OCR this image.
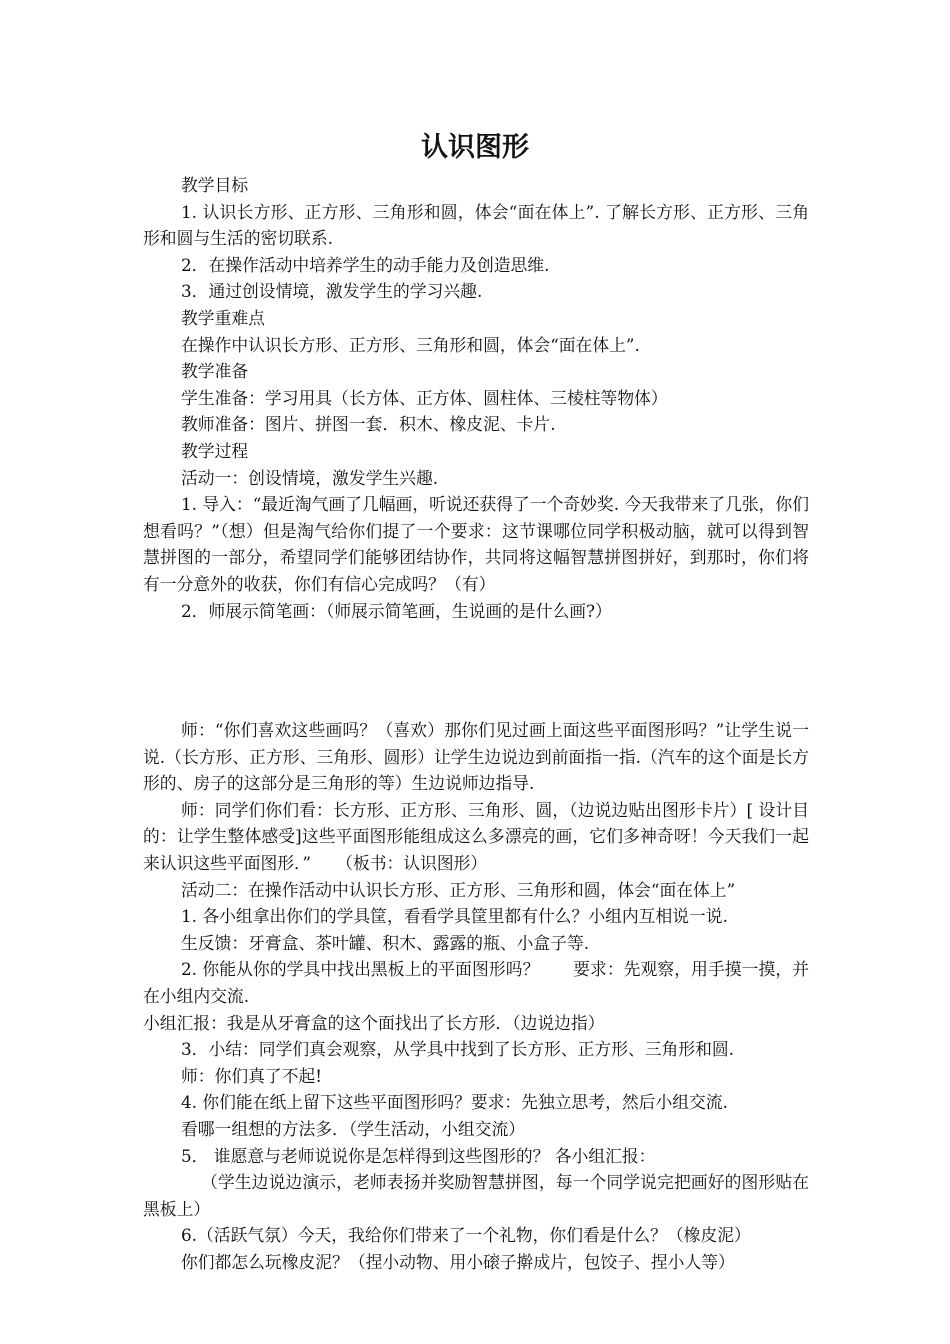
认识图形

教学目标

1. 认识长方形、正方形、三角形和圆，体会“面在体上”. 了解长方形、正方形、三角形和圆与生活的密切联系.

2．在操作活动中培养学生的动手能力及创造思维.

3．通过创设情境，激发学生的学习兴趣.

教学重难点

在操作中认识长方形、正方形、三角形和圆，体会“面在体上”.

教学准备

学生准备：学习用具（长方体、正方体、圆柱体、三棱柱等物体）

教师准备：图片、拼图一套．积木、橡皮泥、卡片.

教学过程

活动一：创设情境，激发学生兴趣.

1. 导入：“最近淘气画了几幅画，听说还获得了一个奇妙奖. 今天我带来了几张，你们想看吗？”（想）但是淘气给你们提了一个要求：这节课哪位同学积极动脑，就可以得到智慧拼图的一部分，希望同学们能够团结协作，共同将这幅智慧拼图拼好，到那时，你们将有一分意外的收获，你们有信心完成吗？（有）

2．师展示简笔画：（师展示简笔画，生说画的是什么画?）

师：“你们喜欢这些画吗？（喜欢）那你们见过画上面这些平面图形吗？”让学生说一说.（长方形、正方形、三角形、圆形）让学生边说边到前面指一指.（汽车的这个面是长方形的、房子的这部分是三角形的等）生边说师边指导.

师：同学们你们看：长方形、正方形、三角形、圆，（边说边贴出图形卡片）[ 设计目的：让学生整体感受]这些平面图形能组成这么多漂亮的画，它们多神奇呀！今天我们一起来认识这些平面图形．”　　（板书：认识图形）

活动二：在操作活动中认识长方形、正方形、三角形和圆，体会“面在体上”

1. 各小组拿出你们的学具筐，看看学具筐里都有什么？小组内互相说一说.

生反馈：牙膏盒、茶叶罐、积木、露露的瓶、小盒子等.

2. 你能从你的学具中找出黑板上的平面图形吗？　　要求：先观察，用手摸一摸，并在小组内交流.

小组汇报：我是从牙膏盒的这个面找出了长方形．（边说边指）

3．小结：同学们真会观察，从学具中找到了长方形、正方形、三角形和圆.

师：你们真了不起!

4. 你们能在纸上留下这些平面图形吗？要求：先独立思考，然后小组交流.

看哪一组想的方法多．（学生活动，小组交流）

5． 谁愿意与老师说说你是怎样得到这些图形的？ 各小组汇报：

（学生边说边演示，老师表扬并奖励智慧拼图，每一个同学说完把画好的图形贴在黑板上）

6.（活跃气氛）今天，我给你们带来了一个礼物，你们看是什么？（橡皮泥）

你们都怎么玩橡皮泥？（捏小动物、用小磙子擀成片，包饺子、捏小人等）
